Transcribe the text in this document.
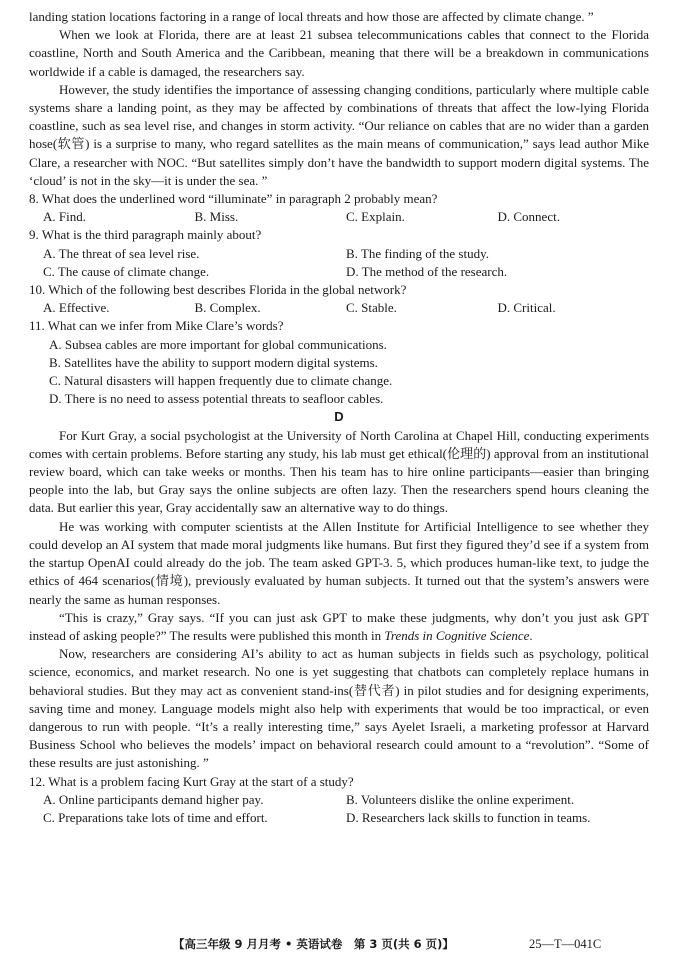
landing station locations factoring in a range of local threats and how those are affected by climate change. ”

When we look at Florida, there are at least 21 subsea telecommunications cables that connect to the Florida coastline, North and South America and the Caribbean, meaning that there will be a breakdown in communications worldwide if a cable is damaged, the researchers say.

However, the study identifies the importance of assessing changing conditions, particularly where multiple cable systems share a landing point, as they may be affected by combinations of threats that affect the low-lying Florida coastline, such as sea level rise, and changes in storm activity. “Our reliance on cables that are no wider than a garden hose(软管) is a surprise to many, who regard satellites as the main means of communication,” says lead author Mike Clare, a researcher with NOC. “But satellites simply don’t have the bandwidth to support modern digital systems. The ‘cloud’ is not in the sky—it is under the sea. ”

8. What does the underlined word “illuminate” in paragraph 2 probably mean?
A. Find.	B. Miss.	C. Explain.	D. Connect.
9. What is the third paragraph mainly about?
A. The threat of sea level rise.	B. The finding of the study.
C. The cause of climate change.	D. The method of the research.
10. Which of the following best describes Florida in the global network?
A. Effective.	B. Complex.	C. Stable.	D. Critical.
11. What can we infer from Mike Clare’s words?
A. Subsea cables are more important for global communications.
B. Satellites have the ability to support modern digital systems.
C. Natural disasters will happen frequently due to climate change.
D. There is no need to assess potential threats to seafloor cables.
D

For Kurt Gray, a social psychologist at the University of North Carolina at Chapel Hill, conducting experiments comes with certain problems. Before starting any study, his lab must get ethical(伦理的) approval from an institutional review board, which can take weeks or months. Then his team has to hire online participants—easier than bringing people into the lab, but Gray says the online subjects are often lazy. Then the researchers spend hours cleaning the data. But earlier this year, Gray accidentally saw an alternative way to do things.

He was working with computer scientists at the Allen Institute for Artificial Intelligence to see whether they could develop an AI system that made moral judgments like humans. But first they figured they’d see if a system from the startup OpenAI could already do the job. The team asked GPT-3. 5, which produces human-like text, to judge the ethics of 464 scenarios(情境), previously evaluated by human subjects. It turned out that the system’s answers were nearly the same as human responses.

“This is crazy,” Gray says. “If you can just ask GPT to make these judgments, why don’t you just ask GPT instead of asking people?” The results were published this month in Trends in Cognitive Science.

Now, researchers are considering AI’s ability to act as human subjects in fields such as psychology, political science, economics, and market research. No one is yet suggesting that chatbots can completely replace humans in behavioral studies. But they may act as convenient stand-ins(替代者) in pilot studies and for designing experiments, saving time and money. Language models might also help with experiments that would be too impractical, or even dangerous to run with people. “It’s a really interesting time,” says Ayelet Israeli, a marketing professor at Harvard Business School who believes the models’ impact on behavioral research could amount to a “revolution”. “Some of these results are just astonishing. ”

12. What is a problem facing Kurt Gray at the start of a study?
A. Online participants demand higher pay.	B. Volunteers dislike the online experiment.
C. Preparations take lots of time and effort.	D. Researchers lack skills to function in teams.
【高三年级 9 月月考 • 英语试卷　第 3 页(共 6 页)】	25—T—041C
